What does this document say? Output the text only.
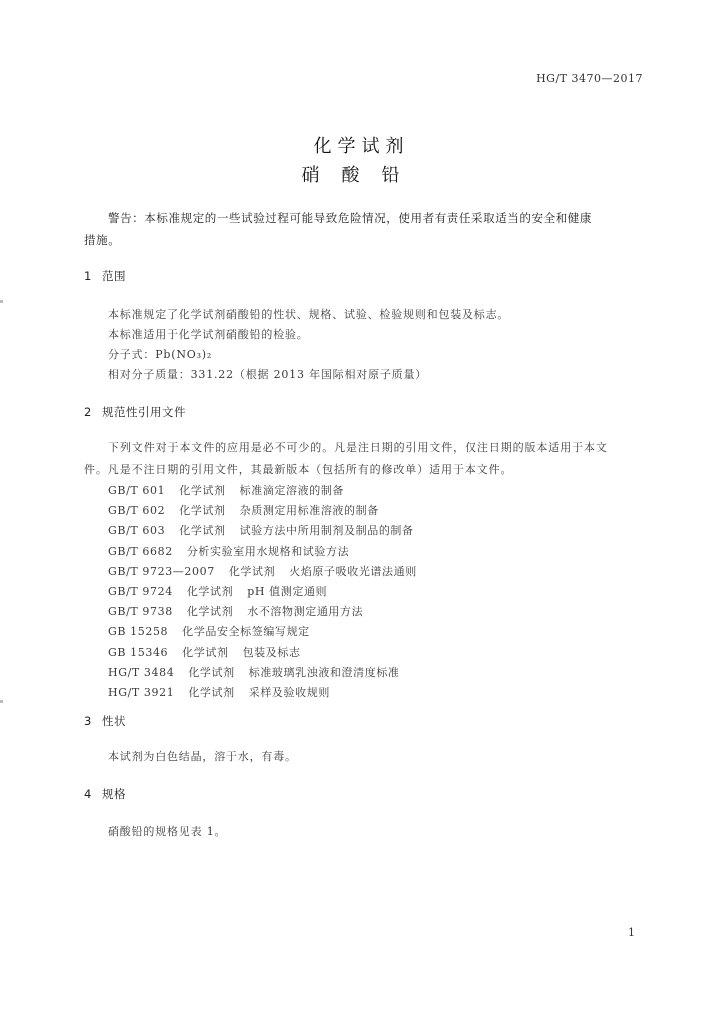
HG/T 3470—2017
化学试剂
硝酸铅
警告：本标准规定的一些试验过程可能导致危险情况，使用者有责任采取适当的安全和健康
措施。
1 范围
本标准规定了化学试剂硝酸铅的性状、规格、试验、检验规则和包装及标志。
本标准适用于化学试剂硝酸铅的检验。
分子式：Pb(NO₃)₂
相对分子质量：331.22（根据 2013 年国际相对原子质量）
2 规范性引用文件
下列文件对于本文件的应用是必不可少的。凡是注日期的引用文件，仅注日期的版本适用于本文
件。凡是不注日期的引用文件，其最新版本（包括所有的修改单）适用于本文件。
GB/T 601 化学试剂 标准滴定溶液的制备
GB/T 602 化学试剂 杂质测定用标准溶液的制备
GB/T 603 化学试剂 试验方法中所用制剂及制品的制备
GB/T 6682 分析实验室用水规格和试验方法
GB/T 9723—2007 化学试剂 火焰原子吸收光谱法通则
GB/T 9724 化学试剂 pH 值测定通则
GB/T 9738 化学试剂 水不溶物测定通用方法
GB 15258 化学品安全标签编写规定
GB 15346 化学试剂 包装及标志
HG/T 3484 化学试剂 标准玻璃乳浊液和澄清度标准
HG/T 3921 化学试剂 采样及验收规则
3 性状
本试剂为白色结晶，溶于水，有毒。
4 规格
硝酸铅的规格见表 1。
1
